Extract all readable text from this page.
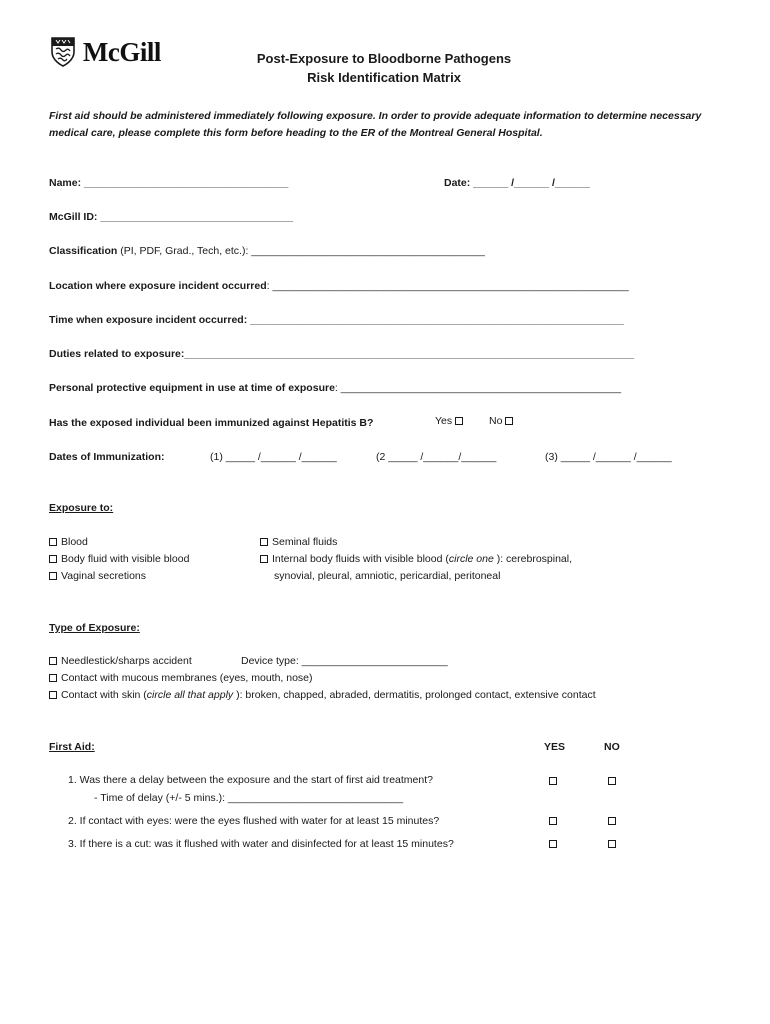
McGill	Post-Exposure to Bloodborne Pathogens
Risk Identification Matrix
First aid should be administered immediately following exposure. In order to provide adequate information to determine necessary medical care, please complete this form before heading to the ER of the Montreal General Hospital.
Name: ___________________________________	Date: ______ /______ /______
McGill ID: _________________________________
Classification (PI, PDF, Grad., Tech, etc.): ________________________________________
Location where exposure incident occurred: _____________________________________________________________
Time when exposure incident occurred: ________________________________________________________________
Duties related to exposure:_____________________________________________________________________________
Personal protective equipment in use at time of exposure: ________________________________________________
Has the exposed individual been immunized against Hepatitis B?	Yes	No
Dates of Immunization:	(1) _____ /______ /______	(2 _____ /______/______	(3) _____ /______ /______
Exposure to:
Blood
Body fluid with visible blood
Vaginal secretions
Seminal fluids
Internal body fluids with visible blood (circle one ): cerebrospinal,
synovial, pleural, amniotic, pericardial, peritoneal
Type of Exposure:
Needlestick/sharps accident	Device type: _________________________
Contact with mucous membranes (eyes, mouth, nose)
Contact with skin (circle all that apply ): broken, chapped, abraded, dermatitis, prolonged contact, extensive contact
First Aid:	YES	NO
1. Was there a delay between the exposure and the start of first aid treatment?
- Time of delay (+/- 5 mins.): ______________________________
2. If contact with eyes: were the eyes flushed with water for at least 15 minutes?
3. If there is a cut: was it flushed with water and disinfected for at least 15 minutes?
